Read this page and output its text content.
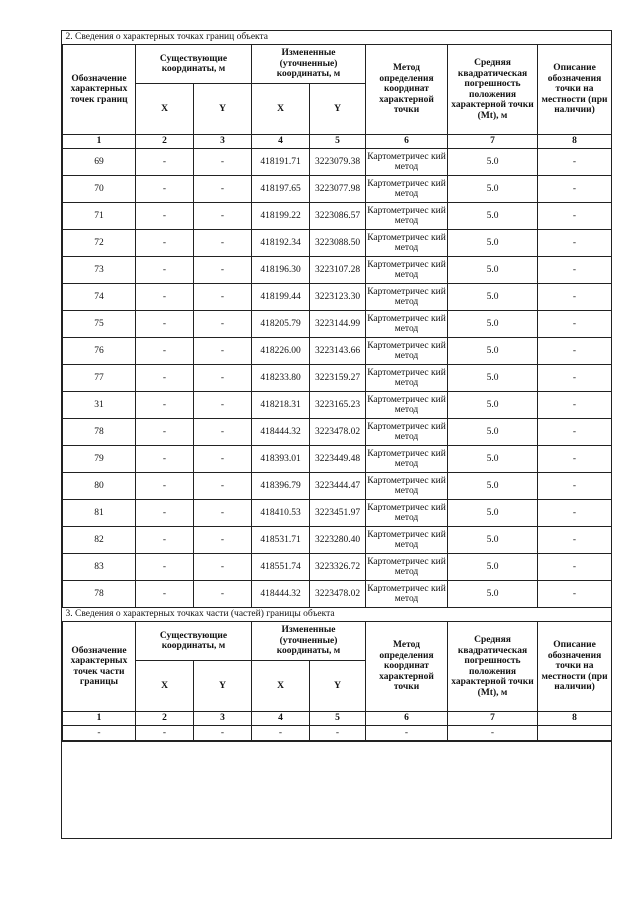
2. Сведения о характерных точках границ объекта							
Обозначение характерных точек границ	Существующие координаты, м		Измененные (уточненные) координаты, м		Метод определения координат характерной точки	Средняя квадратическая погрешность положения характерной точки (Mt), м	Описание обозначения точки на местности (при наличии)
	X	Y	X	Y			
1	2	3	4	5	6	7	8
69	-	-	418191.71	3223079.38	Картометричес кий метод	5.0	-
70	-	-	418197.65	3223077.98	Картометричес кий метод	5.0	-
71	-	-	418199.22	3223086.57	Картометричес кий метод	5.0	-
72	-	-	418192.34	3223088.50	Картометричес кий метод	5.0	-
73	-	-	418196.30	3223107.28	Картометричес кий метод	5.0	-
74	-	-	418199.44	3223123.30	Картометричес кий метод	5.0	-
75	-	-	418205.79	3223144.99	Картометричес кий метод	5.0	-
76	-	-	418226.00	3223143.66	Картометричес кий метод	5.0	-
77	-	-	418233.80	3223159.27	Картометричес кий метод	5.0	-
31	-	-	418218.31	3223165.23	Картометричес кий метод	5.0	-
78	-	-	418444.32	3223478.02	Картометричес кий метод	5.0	-
79	-	-	418393.01	3223449.48	Картометричес кий метод	5.0	-
80	-	-	418396.79	3223444.47	Картометричес кий метод	5.0	-
81	-	-	418410.53	3223451.97	Картометричес кий метод	5.0	-
82	-	-	418531.71	3223280.40	Картометричес кий метод	5.0	-
83	-	-	418551.74	3223326.72	Картометричес кий метод	5.0	-
78	-	-	418444.32	3223478.02	Картометричес кий метод	5.0	-
3. Сведения о характерных точках части (частей) границы объекта							
Обозначение характерных точек части границы	Существующие координаты, м		Измененные (уточненные) координаты, м		Метод определения координат характерной точки	Средняя квадратическая погрешность положения характерной точки (Mt), м	Описание обозначения точки на местности (при наличии)
	X	Y	X	Y			
1	2	3	4	5	6	7	8
-	-	-	-	-	-	-	
